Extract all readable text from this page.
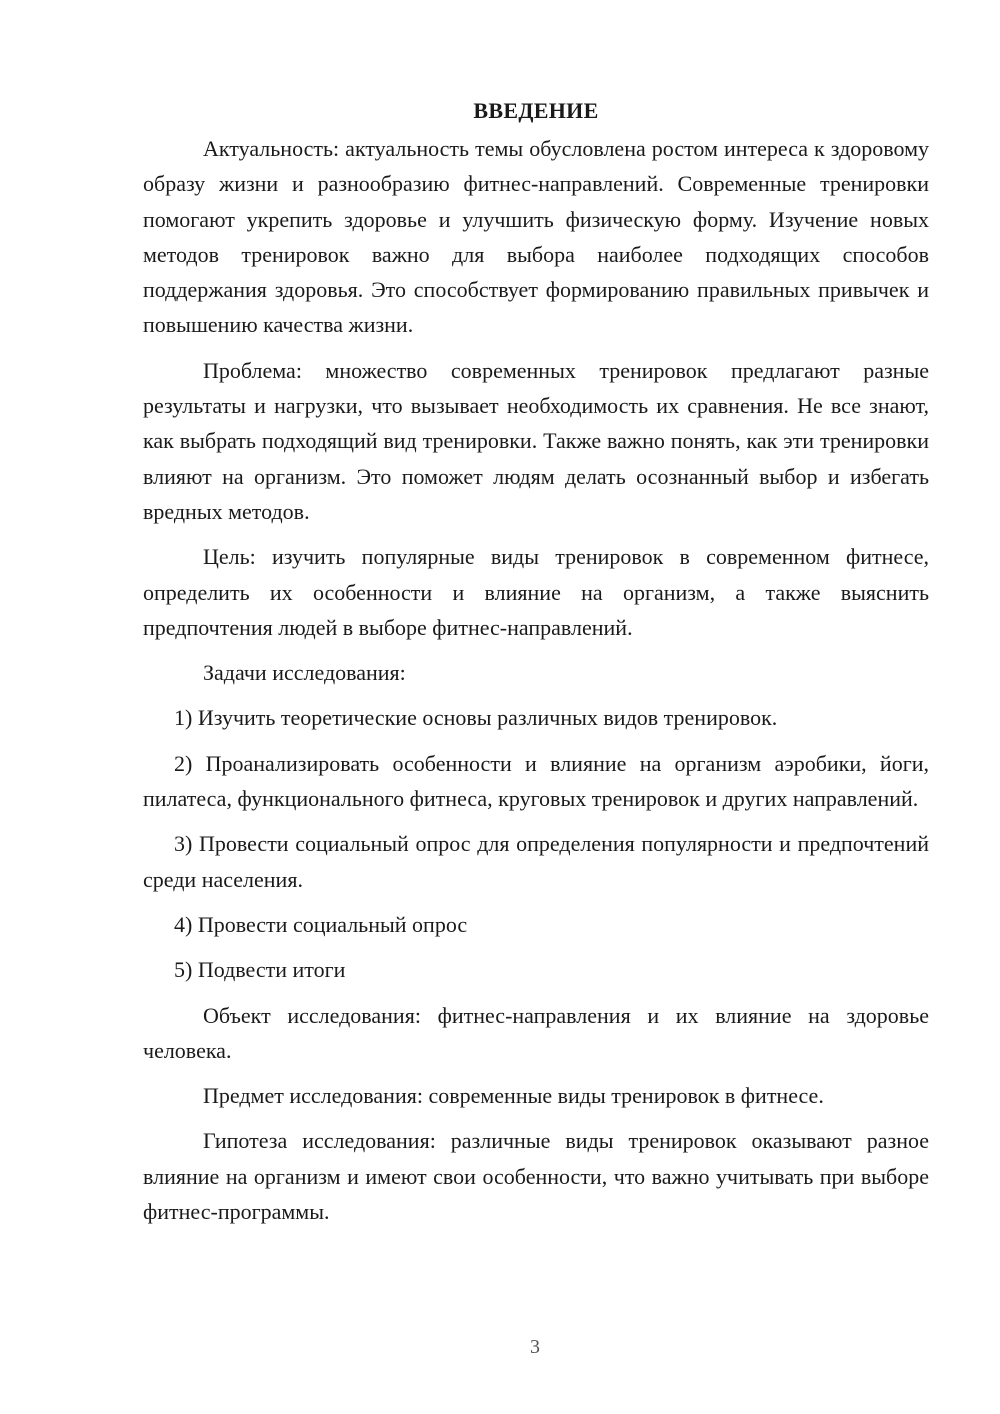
ВВЕДЕНИЕ

Актуальность: актуальность темы обусловлена ростом интереса к здоровому образу жизни и разнообразию фитнес-направлений. Современные тренировки помогают укрепить здоровье и улучшить физическую форму. Изучение новых методов тренировок важно для выбора наиболее подходящих способов поддержания здоровья. Это способствует формированию правильных привычек и повышению качества жизни.

Проблема: множество современных тренировок предлагают разные результаты и нагрузки, что вызывает необходимость их сравнения. Не все знают, как выбрать подходящий вид тренировки. Также важно понять, как эти тренировки влияют на организм. Это поможет людям делать осознанный выбор и избегать вредных методов.

Цель: изучить популярные виды тренировок в современном фитнесе, определить их особенности и влияние на организм, а также выяснить предпочтения людей в выборе фитнес-направлений.

Задачи исследования:

1) Изучить теоретические основы различных видов тренировок.

2) Проанализировать особенности и влияние на организм аэробики, йоги, пилатеса, функционального фитнеса, круговых тренировок и других направлений.

3) Провести социальный опрос для определения популярности и предпочтений среди населения.

4) Провести социальный опрос

5) Подвести итоги

Объект исследования: фитнес-направления и их влияние на здоровье человека.

Предмет исследования: современные виды тренировок в фитнесе.

Гипотеза исследования: различные виды тренировок оказывают разное влияние на организм и имеют свои особенности, что важно учитывать при выборе фитнес-программы.

3
